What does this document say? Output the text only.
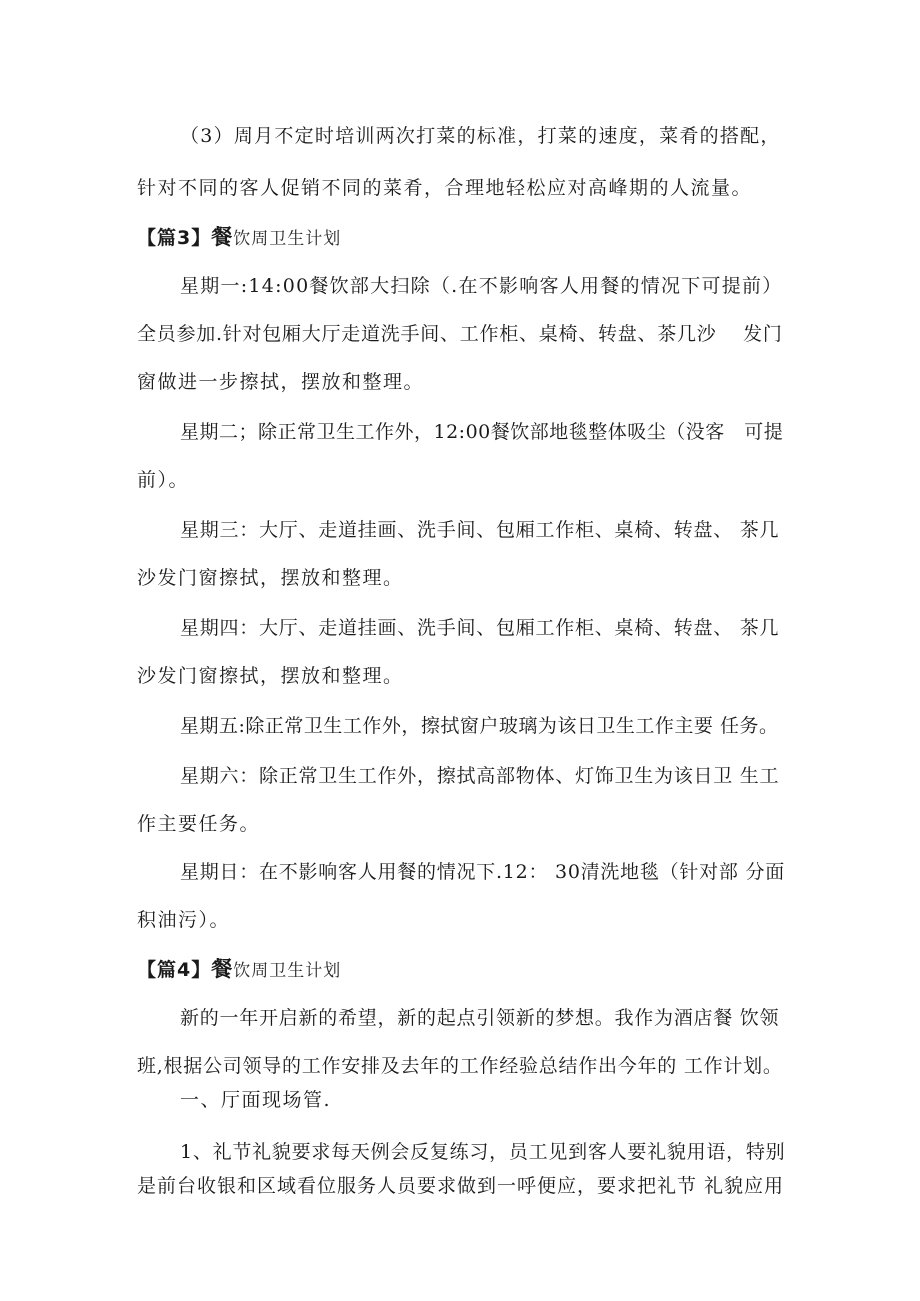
（3）周月不定时培训两次打菜的标准，打菜的速度，菜肴的搭配，
针对不同的客人促销不同的菜肴，合理地轻松应对高峰期的人流量。
【篇3】餐饮周卫生计划
星期一:14:00餐饮部大扫除（.在不影响客人用餐的情况下可提前）
全员参加.针对包厢大厅走道洗手间、工作柜、桌椅、转盘、茶几沙　 发门
窗做进一步擦拭，摆放和整理。
星期二；除正常卫生工作外，12:00餐饮部地毯整体吸尘（没客　可提
前）。
星期三：大厅、走道挂画、洗手间、包厢工作柜、桌椅、转盘、 茶几
沙发门窗擦拭，摆放和整理。
星期四：大厅、走道挂画、洗手间、包厢工作柜、桌椅、转盘、 茶几
沙发门窗擦拭，摆放和整理。
星期五:除正常卫生工作外，擦拭窗户玻璃为该日卫生工作主要 任务。
星期六：除正常卫生工作外，擦拭高部物体、灯饰卫生为该日卫 生工
作主要任务。
星期日：在不影响客人用餐的情况下.12： 30清洗地毯（针对部 分面
积油污）。
【篇4】餐饮周卫生计划
新的一年开启新的希望，新的起点引领新的梦想。我作为酒店餐 饮领
班,根据公司领导的工作安排及去年的工作经验总结作出今年的 工作计划。
一、厅面现场管.
1、礼节礼貌要求每天例会反复练习，员工见到客人要礼貌用语，特别
是前台收银和区域看位服务人员要求做到一呼便应，要求把礼节 礼貌应用
